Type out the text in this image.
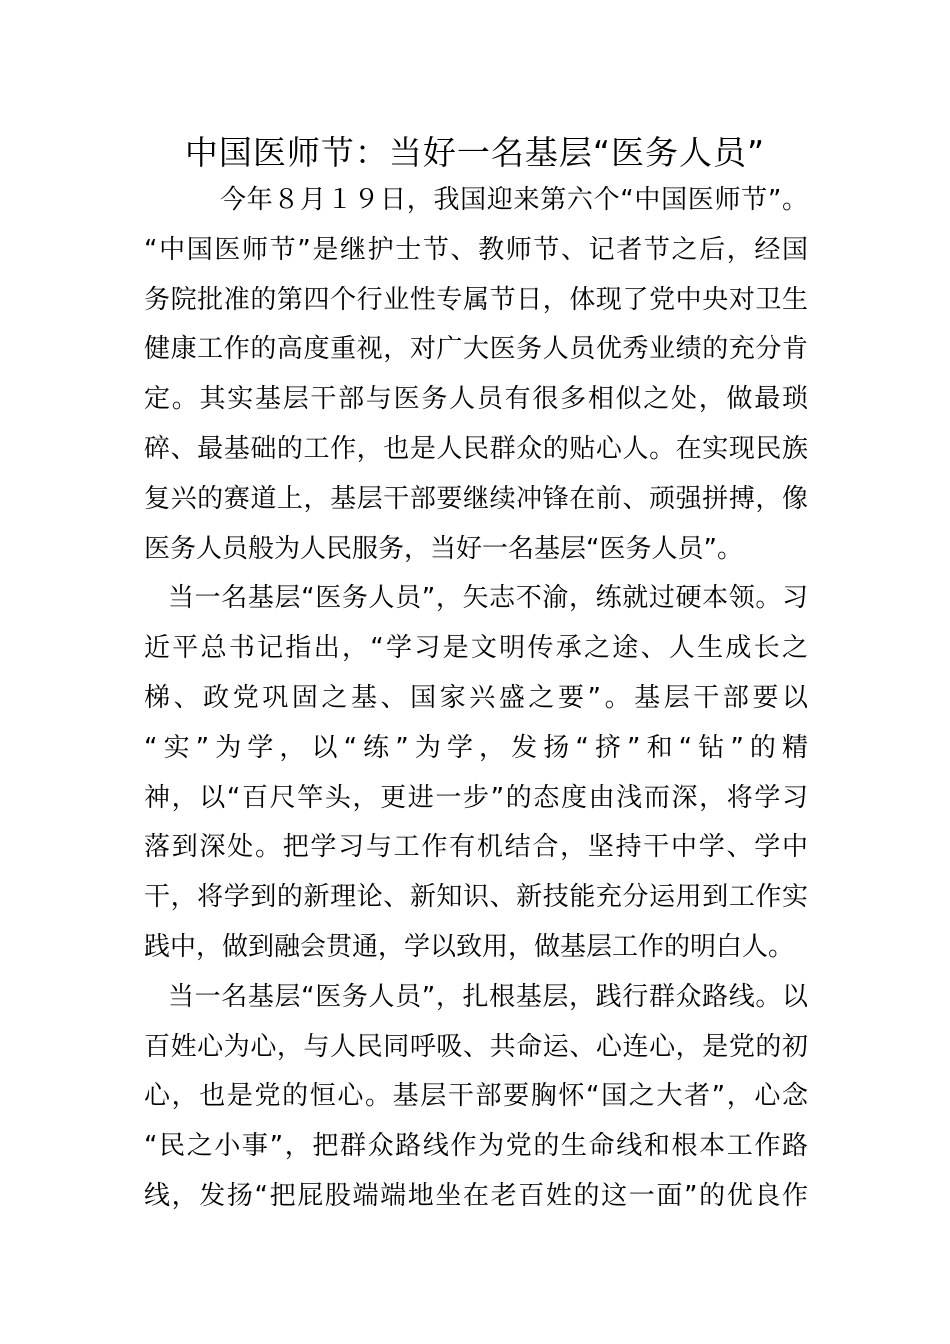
中国医师节：当好一名基层“医务人员”
今年８月１９日，我国迎来第六个“中国医师节”。
“中国医师节”是继护士节、教师节、记者节之后，经国
务院批准的第四个行业性专属节日，体现了党中央对卫生
健康工作的高度重视，对广大医务人员优秀业绩的充分肯
定。其实基层干部与医务人员有很多相似之处，做最琐
碎、最基础的工作，也是人民群众的贴心人。在实现民族
复兴的赛道上，基层干部要继续冲锋在前、顽强拼搏，像
医务人员般为人民服务，当好一名基层“医务人员”。
当一名基层“医务人员”，矢志不渝，练就过硬本领。习
近平总书记指出，“学习是文明传承之途、人生成长之
梯、政党巩固之基、国家兴盛之要”。基层干部要以
“实”为学，以“练”为学，发扬“挤”和“钻”的精
神，以“百尺竿头，更进一步”的态度由浅而深，将学习
落到深处。把学习与工作有机结合，坚持干中学、学中
干，将学到的新理论、新知识、新技能充分运用到工作实
践中，做到融会贯通，学以致用，做基层工作的明白人。
当一名基层“医务人员”，扎根基层，践行群众路线。以
百姓心为心，与人民同呼吸、共命运、心连心，是党的初
心，也是党的恒心。基层干部要胸怀“国之大者”，心念
“民之小事”，把群众路线作为党的生命线和根本工作路
线，发扬“把屁股端端地坐在老百姓的这一面”的优良作
